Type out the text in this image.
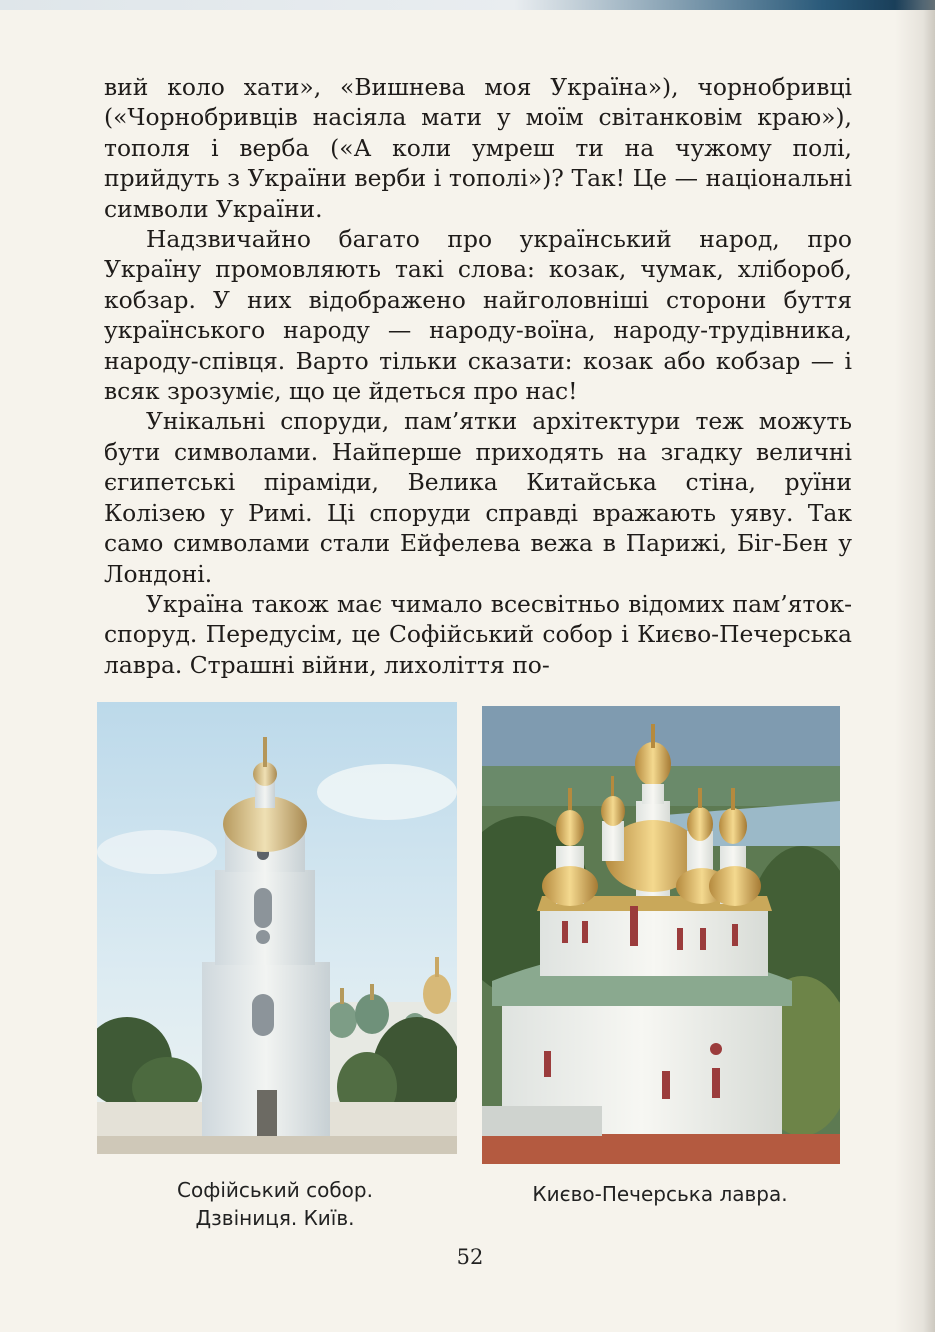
вий коло хати», «Вишнева моя Україна»), чорнобривці («Чорнобривців насіяла мати у моїм світанковім краю»), тополя і верба («А коли умреш ти на чужому полі, прийдуть з України верби і тополі»)? Так! Це — національні символи України.

Надзвичайно багато про український народ, про Україну промовляють такі слова: козак, чумак, хлібороб, кобзар. У них відображено найголовніші сторони буття українського народу — народу-воїна, народу-трудівника, народу-співця. Варто тільки сказати: козак або кобзар — і всяк зрозуміє, що це йдеться про нас!

Унікальні споруди, пам’ятки архітектури теж можуть бути символами. Найперше приходять на згадку величні єгипетські піраміди, Велика Китайська стіна, руїни Колізею у Римі. Ці споруди справді вражають уяву. Так само символами стали Ейфелева вежа в Парижі, Біг-Бен у Лондоні.

Україна також має чимало всесвітньо відомих пам’яток-споруд. Передусім, це Софійський собор і Києво-Печерська лавра. Страшні війни, лихоліття по-

Софійський собор.
Дзвіниця. Київ.
Києво-Печерська лавра.
52
